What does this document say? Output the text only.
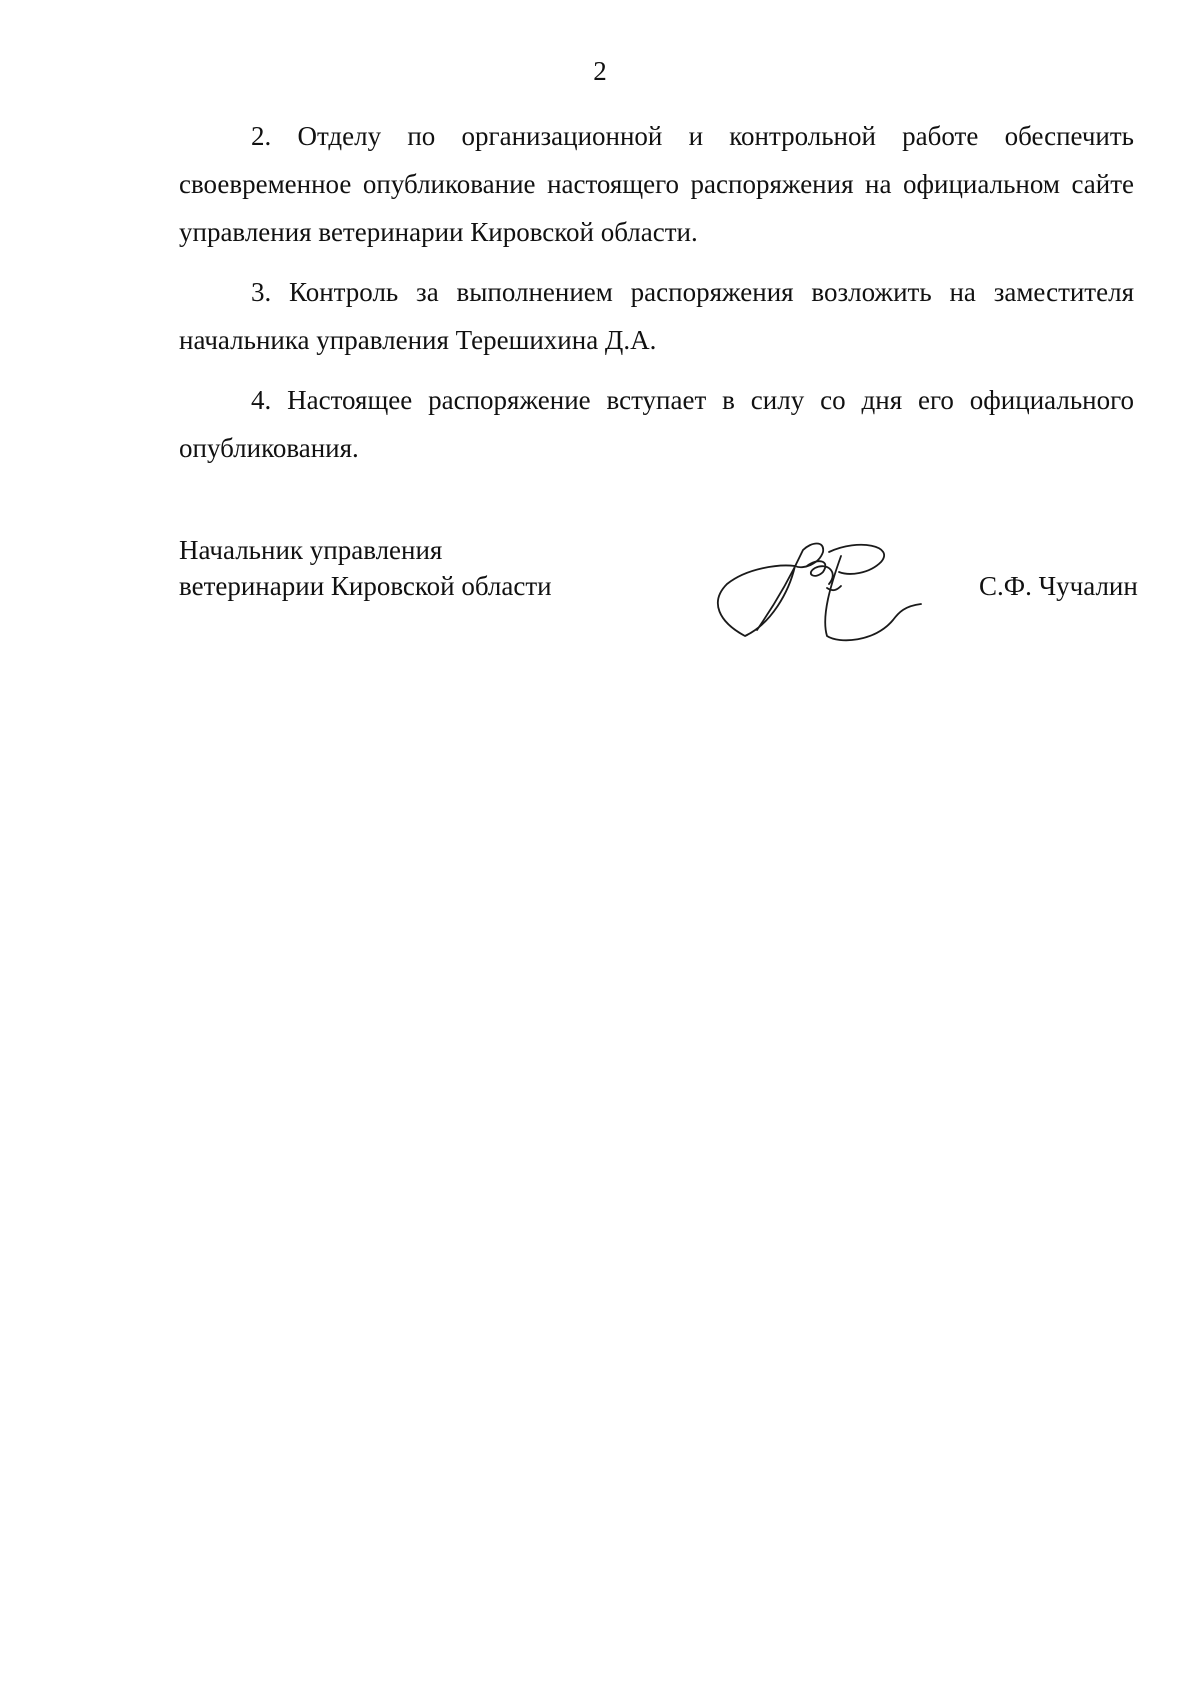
2

2. Отделу по организационной и контрольной работе обеспечить своевременное опубликование настоящего распоряжения на официальном сайте управления ветеринарии Кировской области.

3. Контроль за выполнением распоряжения возложить на заместителя начальника управления Терешихина Д.А.

4. Настоящее распоряжение вступает в силу со дня его официального опубликования.

Начальник управления
ветеринарии Кировской области	С.Ф. Чучалин
